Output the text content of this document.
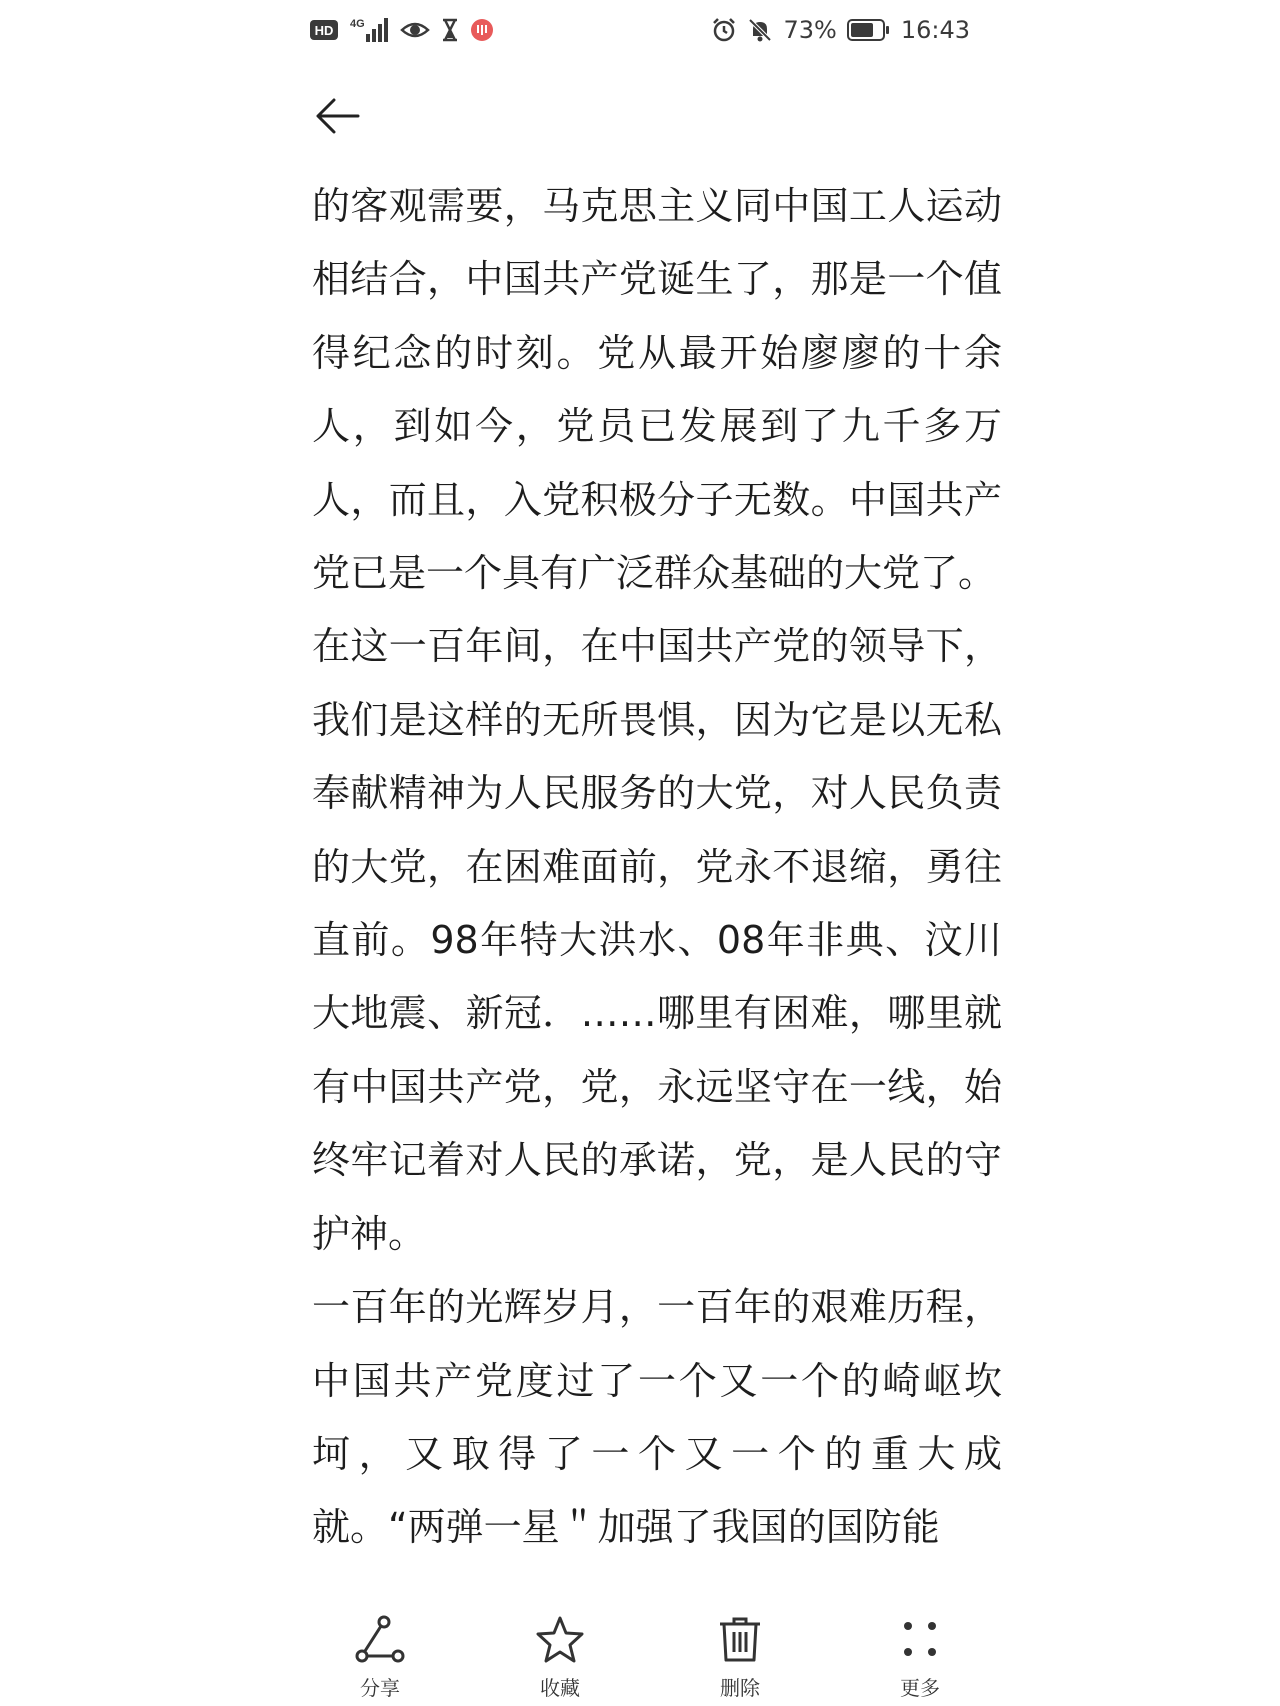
HD 4G	73%	16:43

的客观需要，马克思主义同中国工人运动相结合，中国共产党诞生了，那是一个值得纪念的时刻。党从最开始廖廖的十余人，到如今，党员已发展到了九千多万人，而且，入党积极分子无数。中国共产党已是一个具有广泛群众基础的大党了。

在这一百年间，在中国共产党的领导下，我们是这样的无所畏惧，因为它是以无私奉献精神为人民服务的大党，对人民负责的大党，在困难面前，党永不退缩，勇往直前。98年特大洪水、08年非典、汶川大地震、新冠．……哪里有困难，哪里就有中国共产党，党，永远坚守在一线，始终牢记着对人民的承诺，党，是人民的守护神。

一百年的光辉岁月，一百年的艰难历程，中国共产党度过了一个又一个的崎岖坎坷，又取得了一个又一个的重大成就。“两弹一星＂加强了我国的国防能

分享	收藏	删除	更多
